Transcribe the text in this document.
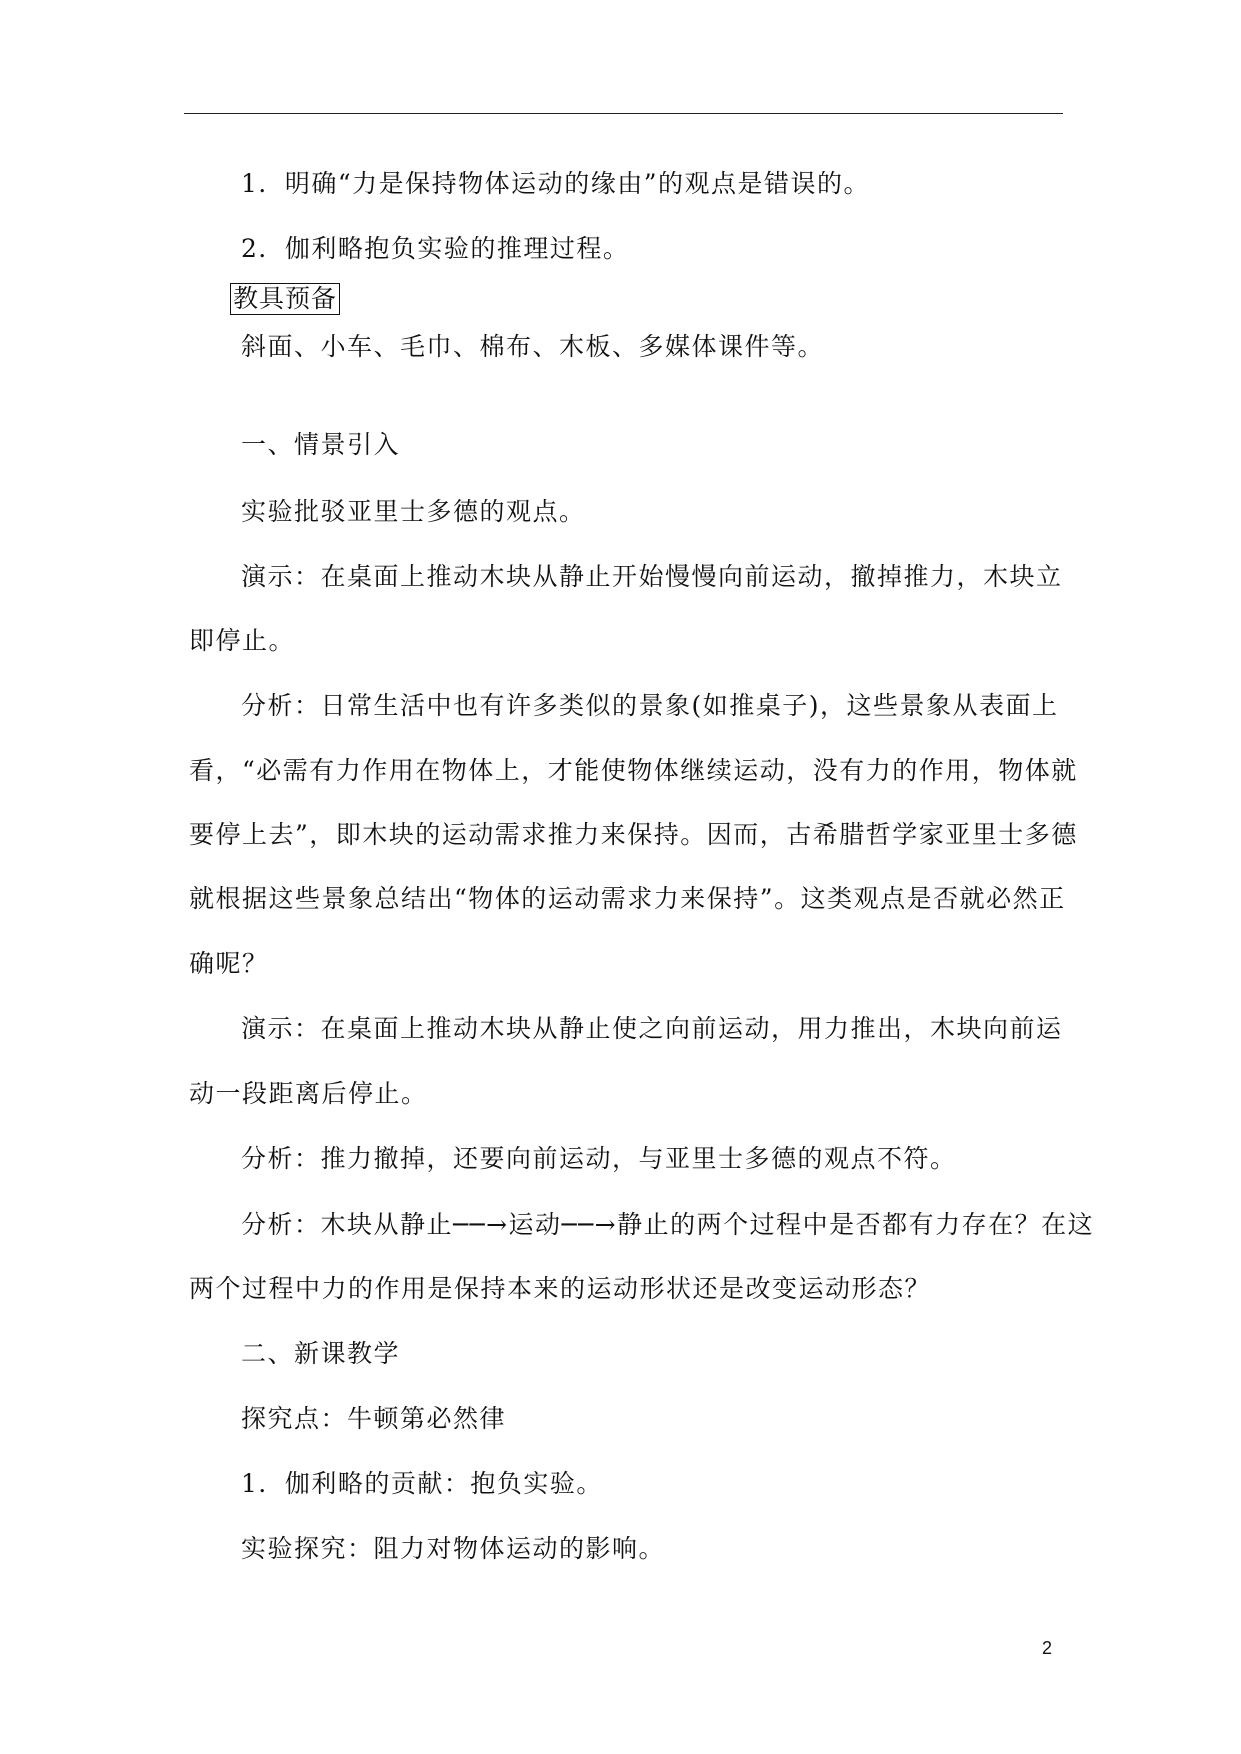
1．明确“力是保持物体运动的缘由”的观点是错误的。
2．伽利略抱负实验的推理过程。
教具预备
斜面、小车、毛巾、棉布、木板、多媒体课件等。
一、情景引入
实验批驳亚里士多德的观点。
演示：在桌面上推动木块从静止开始慢慢向前运动，撤掉推力，木块立
即停止。
分析：日常生活中也有许多类似的景象(如推桌子)，这些景象从表面上
看，“必需有力作用在物体上，才能使物体继续运动，没有力的作用，物体就
要停上去”，即木块的运动需求推力来保持。因而，古希腊哲学家亚里士多德
就根据这些景象总结出“物体的运动需求力来保持”。这类观点是否就必然正
确呢？
演示：在桌面上推动木块从静止使之向前运动，用力推出，木块向前运
动一段距离后停止。
分析：推力撤掉，还要向前运动，与亚里士多德的观点不符。
分析：木块从静止──→运动──→静止的两个过程中是否都有力存在？在这
两个过程中力的作用是保持本来的运动形状还是改变运动形态？
二、新课教学
探究点：牛顿第必然律
1．伽利略的贡献：抱负实验。
实验探究：阻力对物体运动的影响。
2
